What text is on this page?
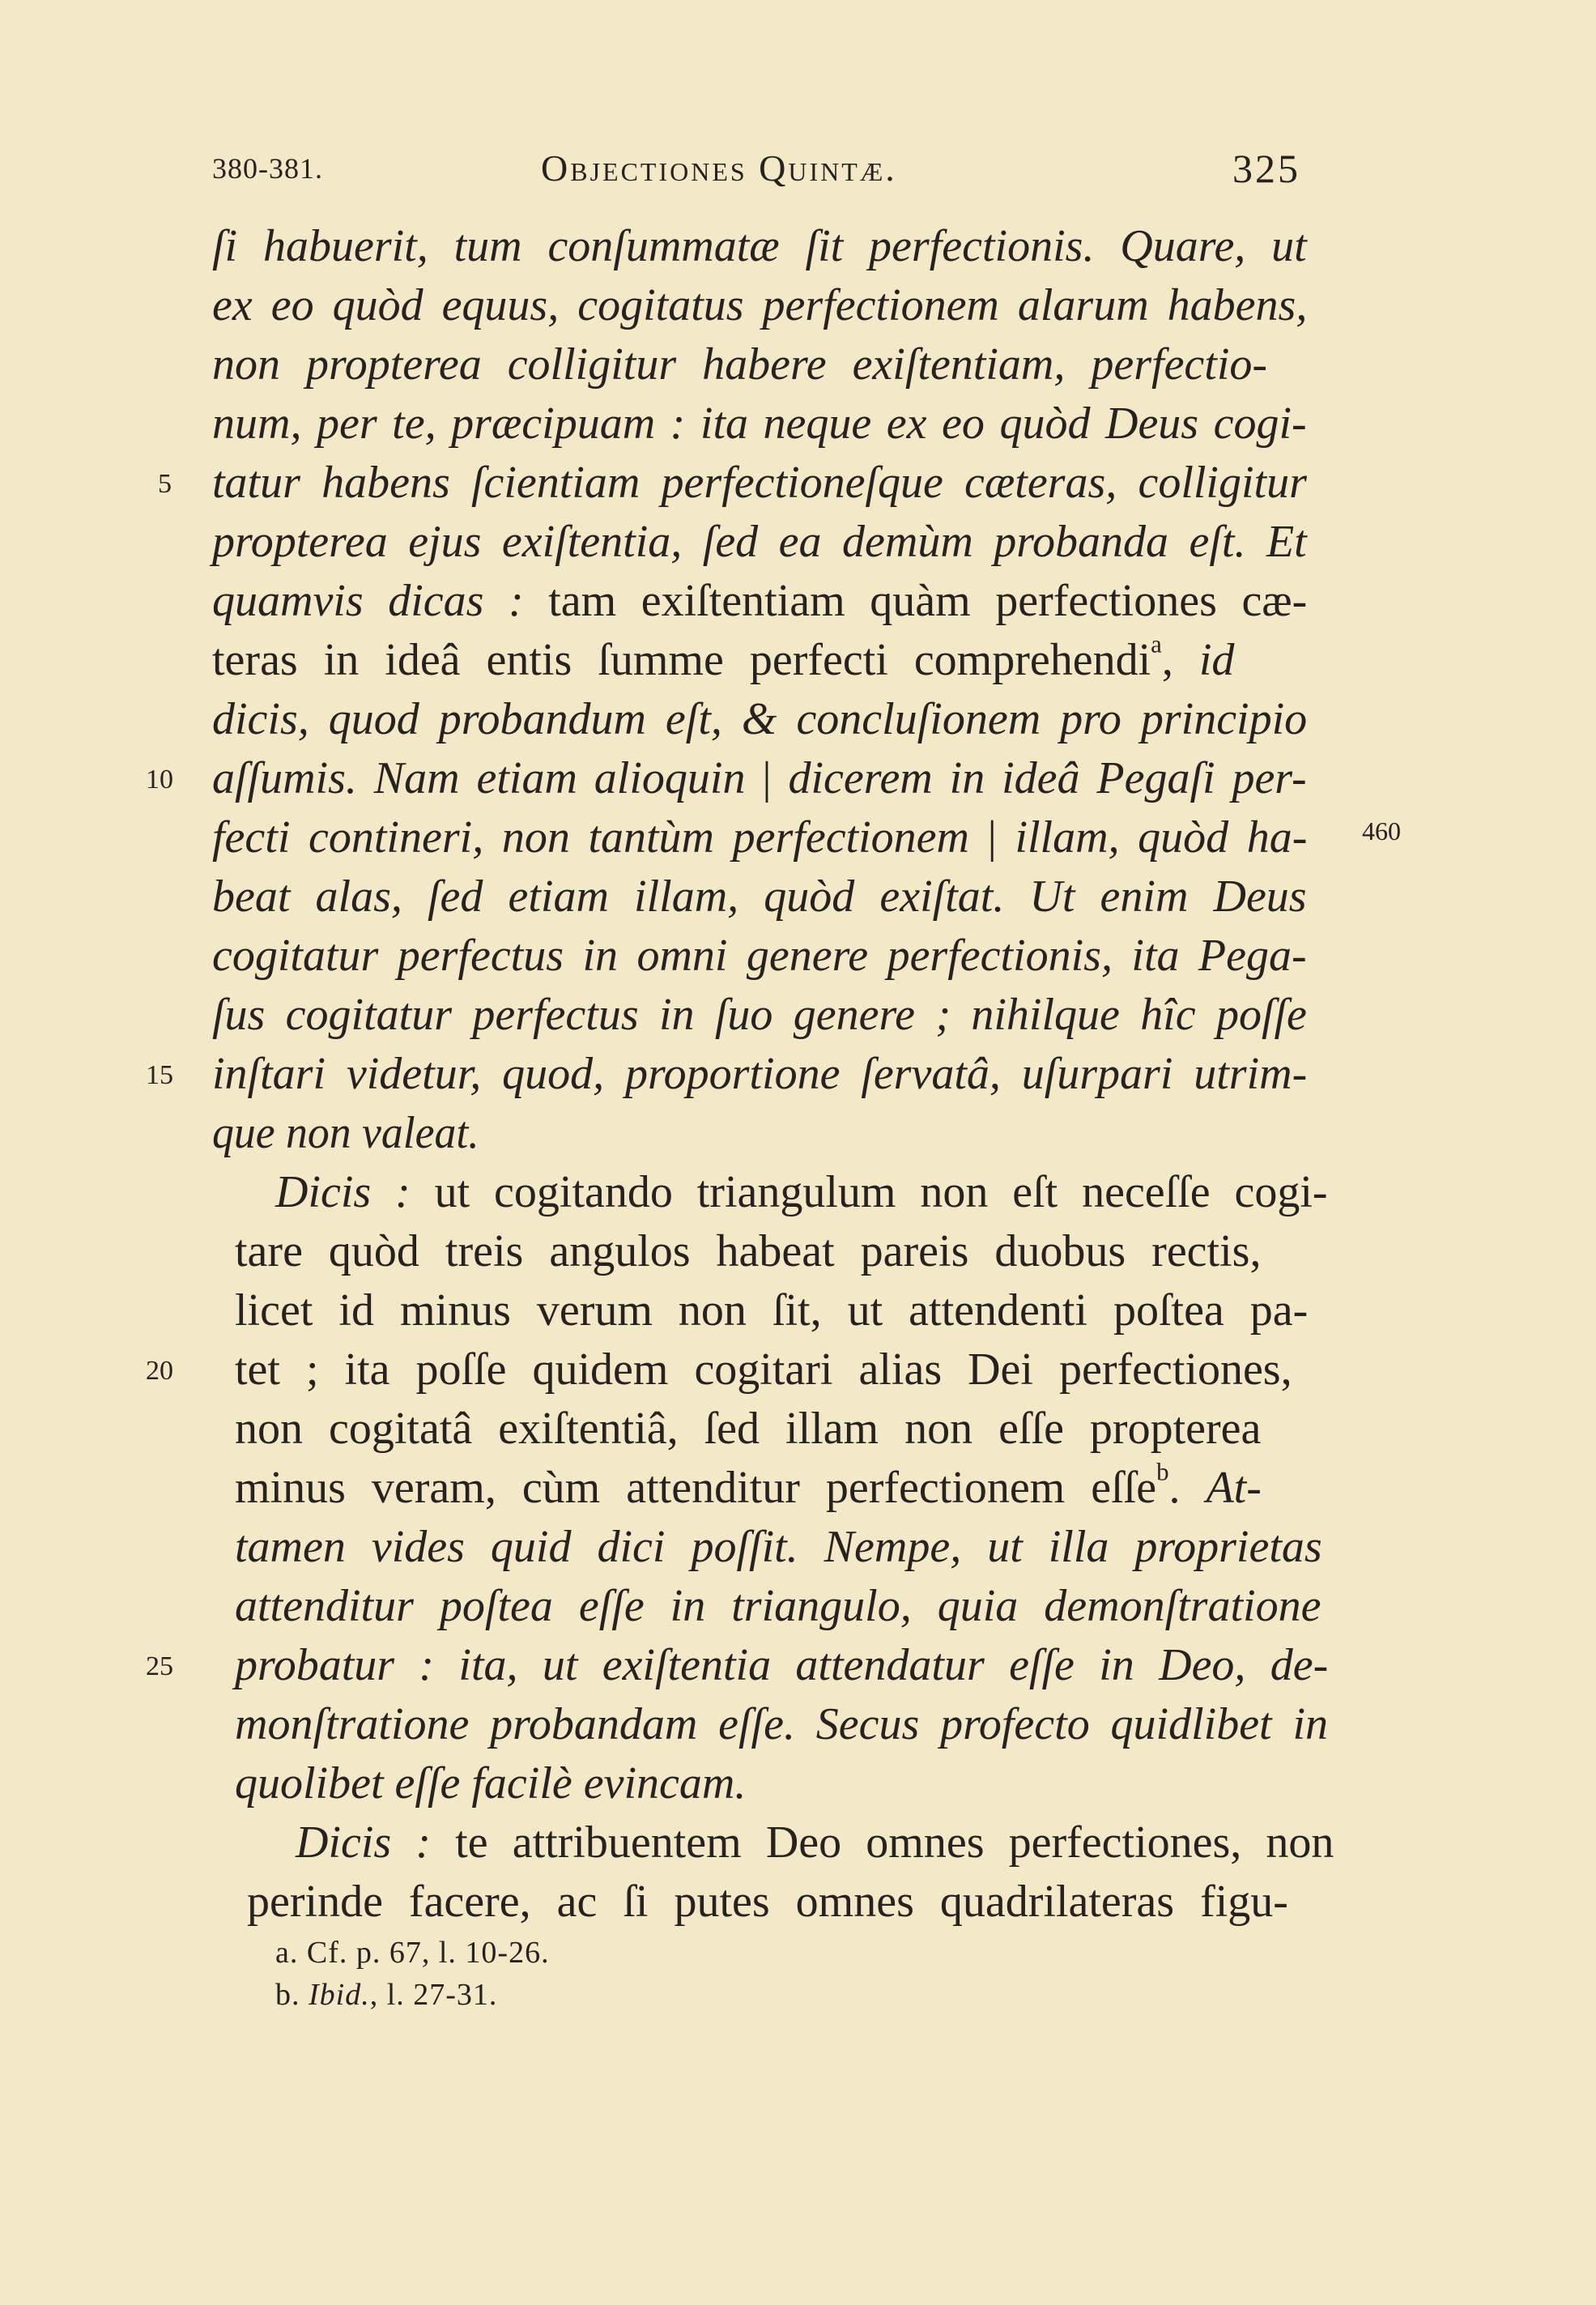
380-381.	Objectiones Quintæ.	325
ſi habuerit, tum conſummatæ ſit perfectionis. Quare, ut
ex eo quòd equus, cogitatus perfectionem alarum habens,
non propterea colligitur habere exiſtentiam, perfectio-
num, per te, præcipuam : ita neque ex eo quòd Deus cogi-
tatur habens ſcientiam perfectioneſque cæteras, colligitur
propterea ejus exiſtentia, ſed ea demùm probanda eſt. Et
quamvis dicas : tam exiſtentiam quàm perfectiones cæ-
teras in ideâ entis ſumme perfecti comprehendi$^a$, id
dicis, quod probandum eſt, & concluſionem pro principio
aſſumis. Nam etiam alioquin | dicerem in ideâ Pegaſi per-
fecti contineri, non tantùm perfectionem | illam, quòd ha-
beat alas, ſed etiam illam, quòd exiſtat. Ut enim Deus
cogitatur perfectus in omni genere perfectionis, ita Pega-
ſus cogitatur perfectus in ſuo genere ; nihilque hîc poſſe
inſtari videtur, quod, proportione ſervatâ, uſurpari utrim-
que non valeat.
Dicis : ut cogitando triangulum non eſt neceſſe cogi-
tare quòd treis angulos habeat pareis duobus rectis,
licet id minus verum non ſit, ut attendenti poſtea pa-
tet ; ita poſſe quidem cogitari alias Dei perfectiones,
non cogitatâ exiſtentiâ, ſed illam non eſſe propterea
minus veram, cùm attenditur perfectionem eſſe$^b$. At-
tamen vides quid dici poſſit. Nempe, ut illa proprietas
attenditur poſtea eſſe in triangulo, quia demonſtratione
probatur : ita, ut exiſtentia attendatur eſſe in Deo, de-
monſtratione probandam eſſe. Secus profecto quidlibet in
quolibet eſſe facilè evincam.
Dicis : te attribuentem Deo omnes perfectiones, non
perinde facere, ac ſi putes omnes quadrilateras figu-
5
10
15
20
25
460
a. Cf. p. 67, l. 10-26.
b. Ibid., l. 27-31.
